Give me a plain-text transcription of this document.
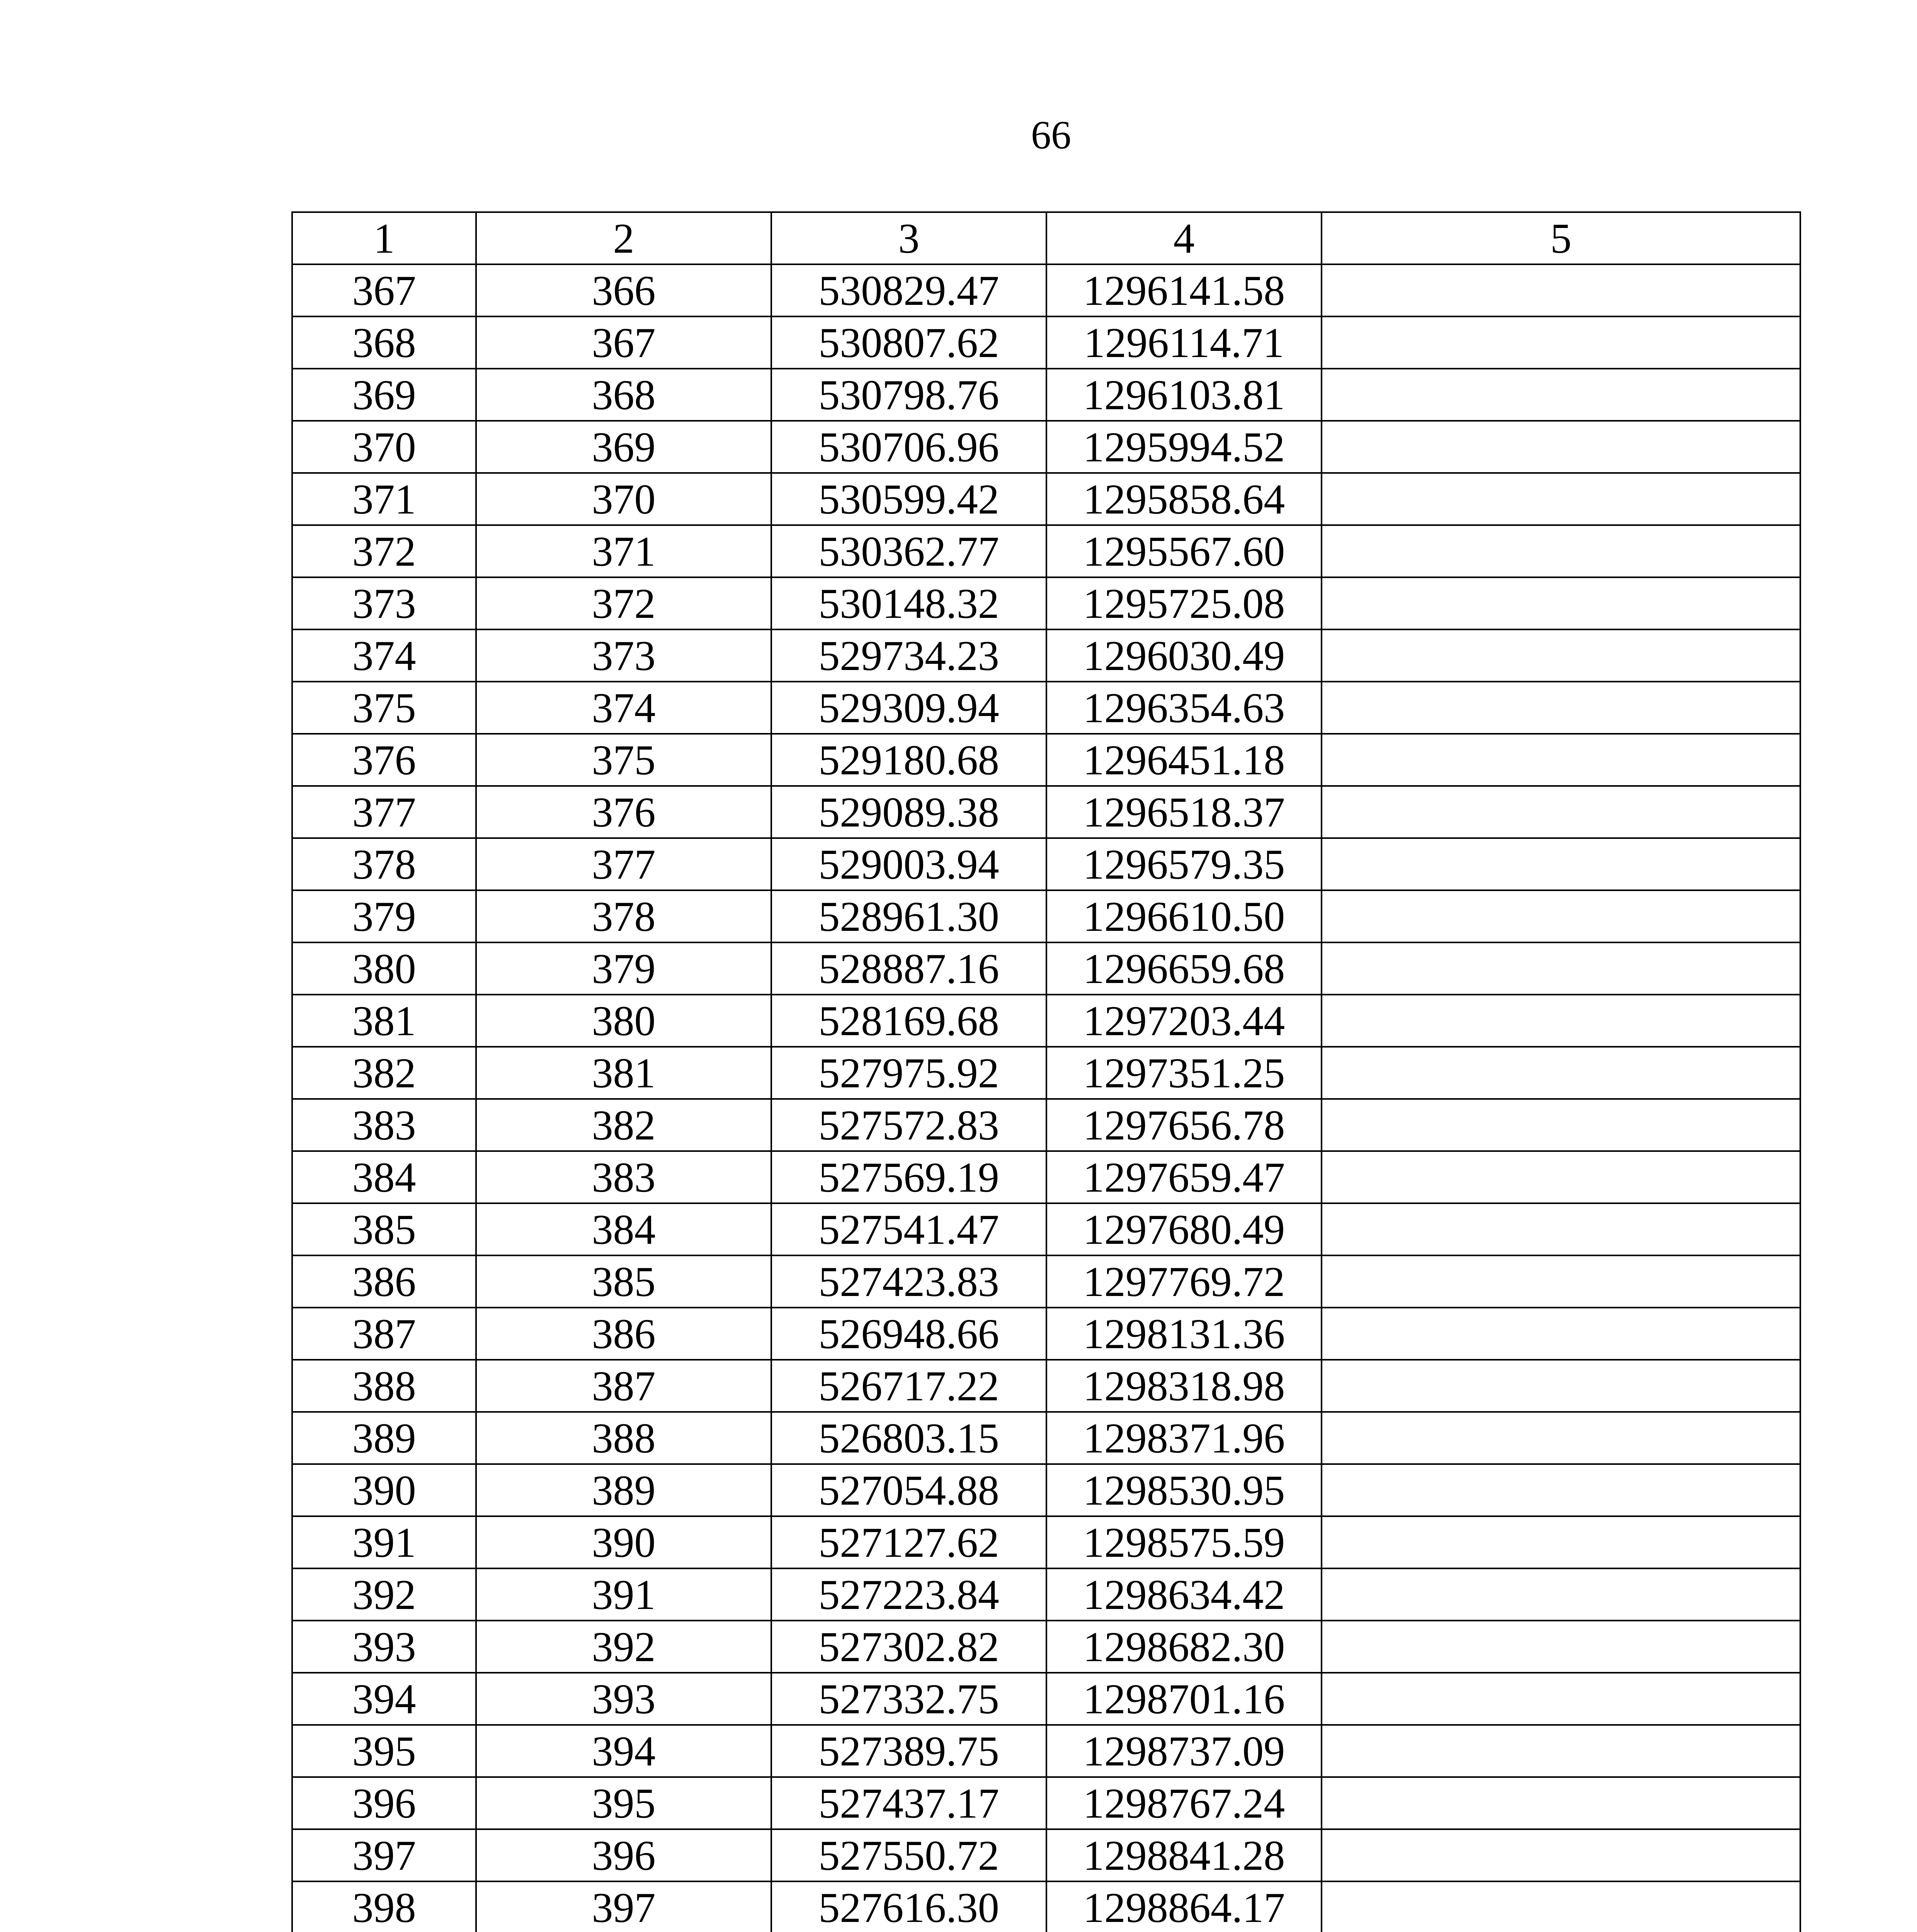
66
1	2	3	4	5
367	366	530829.47	1296141.58	
368	367	530807.62	1296114.71	
369	368	530798.76	1296103.81	
370	369	530706.96	1295994.52	
371	370	530599.42	1295858.64	
372	371	530362.77	1295567.60	
373	372	530148.32	1295725.08	
374	373	529734.23	1296030.49	
375	374	529309.94	1296354.63	
376	375	529180.68	1296451.18	
377	376	529089.38	1296518.37	
378	377	529003.94	1296579.35	
379	378	528961.30	1296610.50	
380	379	528887.16	1296659.68	
381	380	528169.68	1297203.44	
382	381	527975.92	1297351.25	
383	382	527572.83	1297656.78	
384	383	527569.19	1297659.47	
385	384	527541.47	1297680.49	
386	385	527423.83	1297769.72	
387	386	526948.66	1298131.36	
388	387	526717.22	1298318.98	
389	388	526803.15	1298371.96	
390	389	527054.88	1298530.95	
391	390	527127.62	1298575.59	
392	391	527223.84	1298634.42	
393	392	527302.82	1298682.30	
394	393	527332.75	1298701.16	
395	394	527389.75	1298737.09	
396	395	527437.17	1298767.24	
397	396	527550.72	1298841.28	
398	397	527616.30	1298864.17	
